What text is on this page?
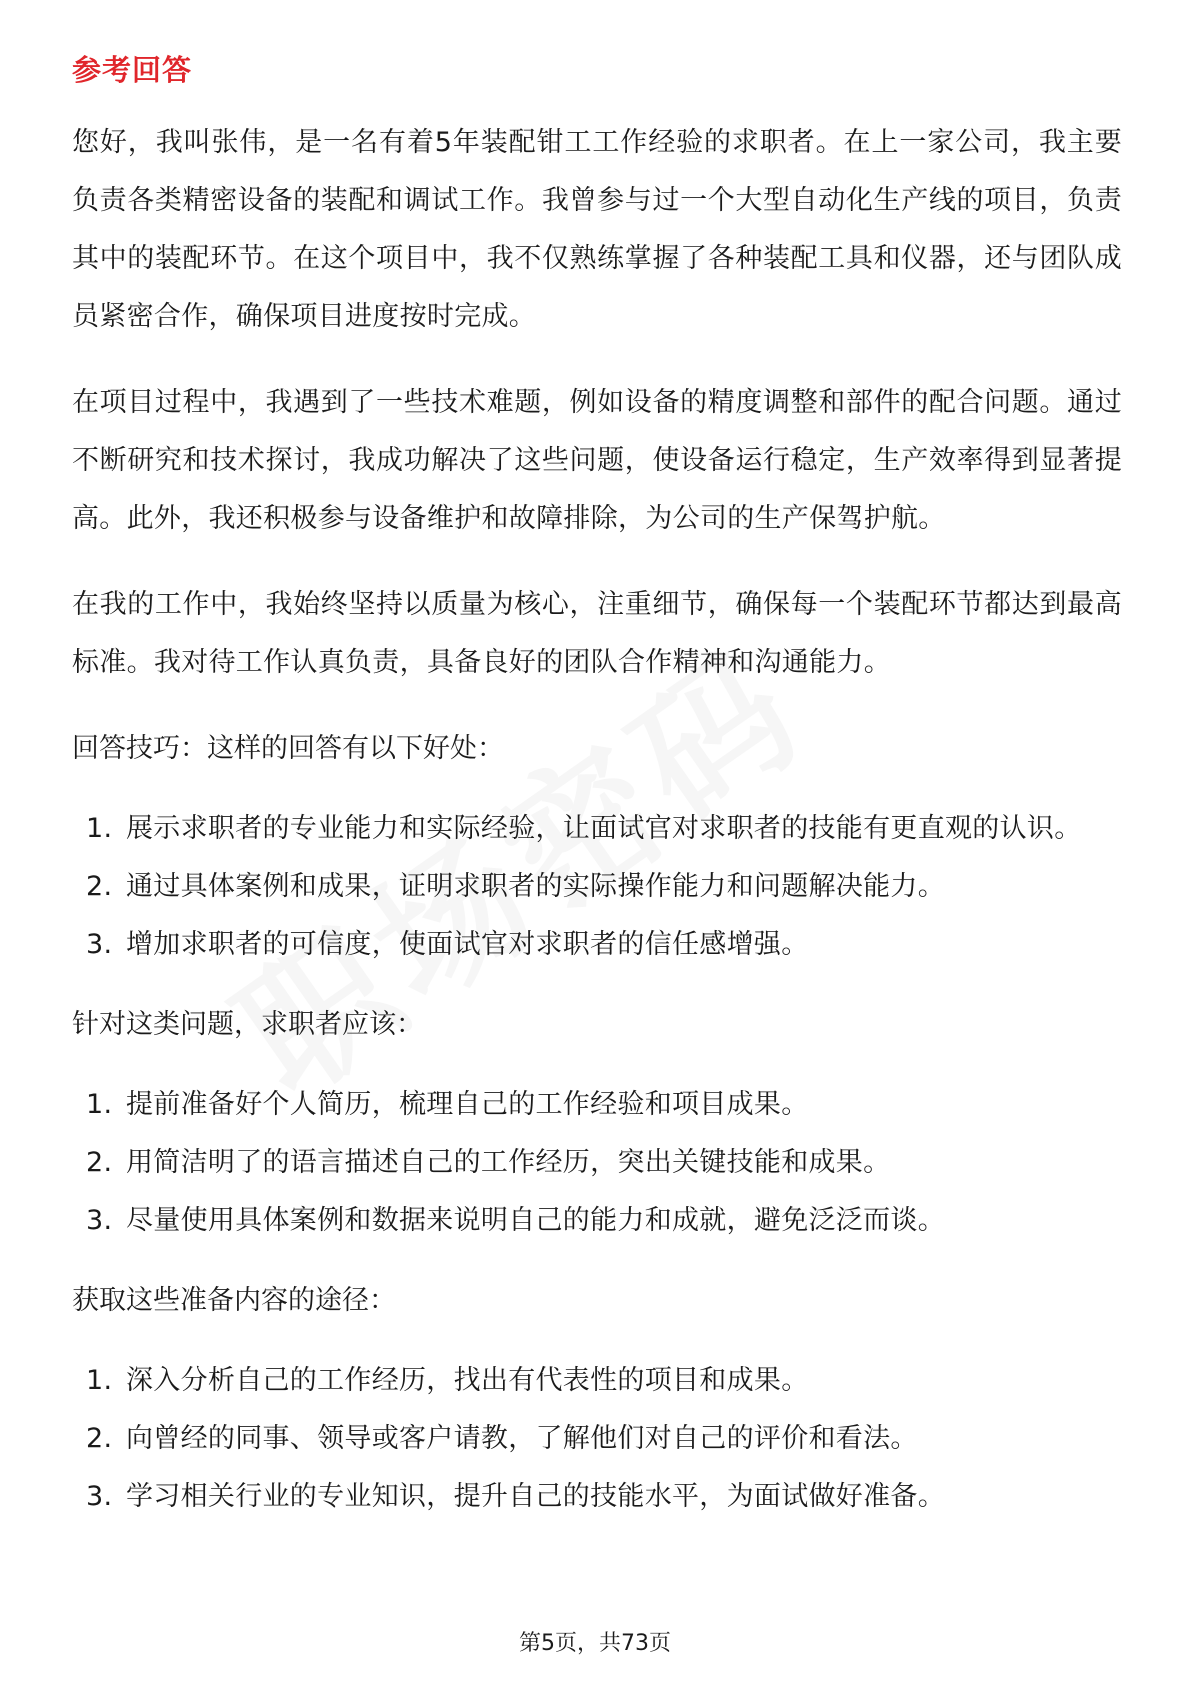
参考回答

您好，我叫张伟，是一名有着5年装配钳工工作经验的求职者。在上一家公司，我主要负责各类精密设备的装配和调试工作。我曾参与过一个大型自动化生产线的项目，负责其中的装配环节。在这个项目中，我不仅熟练掌握了各种装配工具和仪器，还与团队成员紧密合作，确保项目进度按时完成。

在项目过程中，我遇到了一些技术难题，例如设备的精度调整和部件的配合问题。通过不断研究和技术探讨，我成功解决了这些问题，使设备运行稳定，生产效率得到显著提高。此外，我还积极参与设备维护和故障排除，为公司的生产保驾护航。

在我的工作中，我始终坚持以质量为核心，注重细节，确保每一个装配环节都达到最高标准。我对待工作认真负责，具备良好的团队合作精神和沟通能力。

回答技巧：这样的回答有以下好处：

1. 展示求职者的专业能力和实际经验，让面试官对求职者的技能有更直观的认识。
2. 通过具体案例和成果，证明求职者的实际操作能力和问题解决能力。
3. 增加求职者的可信度，使面试官对求职者的信任感增强。

针对这类问题，求职者应该：

1. 提前准备好个人简历，梳理自己的工作经验和项目成果。
2. 用简洁明了的语言描述自己的工作经历，突出关键技能和成果。
3. 尽量使用具体案例和数据来说明自己的能力和成就，避免泛泛而谈。

获取这些准备内容的途径：

1. 深入分析自己的工作经历，找出有代表性的项目和成果。
2. 向曾经的同事、领导或客户请教，了解他们对自己的评价和看法。
3. 学习相关行业的专业知识，提升自己的技能水平，为面试做好准备。
第5页，共73页
